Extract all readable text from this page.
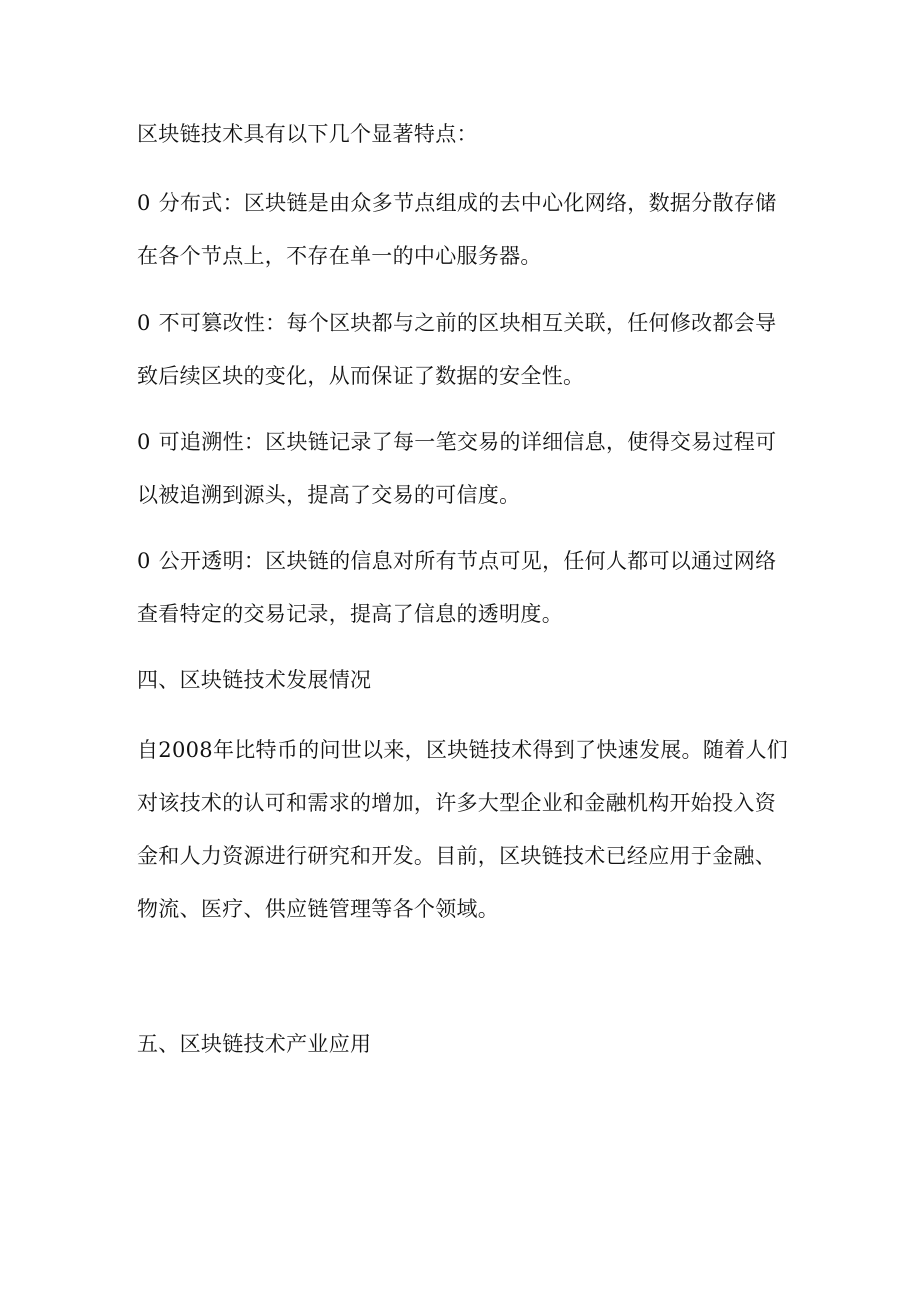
区块链技术具有以下几个显著特点：

0 分布式：区块链是由众多节点组成的去中心化网络，数据分散存储在各个节点上，不存在单一的中心服务器。

0 不可篡改性：每个区块都与之前的区块相互关联，任何修改都会导致后续区块的变化，从而保证了数据的安全性。

0 可追溯性：区块链记录了每一笔交易的详细信息，使得交易过程可以被追溯到源头，提高了交易的可信度。

0 公开透明：区块链的信息对所有节点可见，任何人都可以通过网络查看特定的交易记录，提高了信息的透明度。

四、区块链技术发展情况

自2008年比特币的问世以来，区块链技术得到了快速发展。随着人们对该技术的认可和需求的增加，许多大型企业和金融机构开始投入资金和人力资源进行研究和开发。目前，区块链技术已经应用于金融、物流、医疗、供应链管理等各个领域。

五、区块链技术产业应用
